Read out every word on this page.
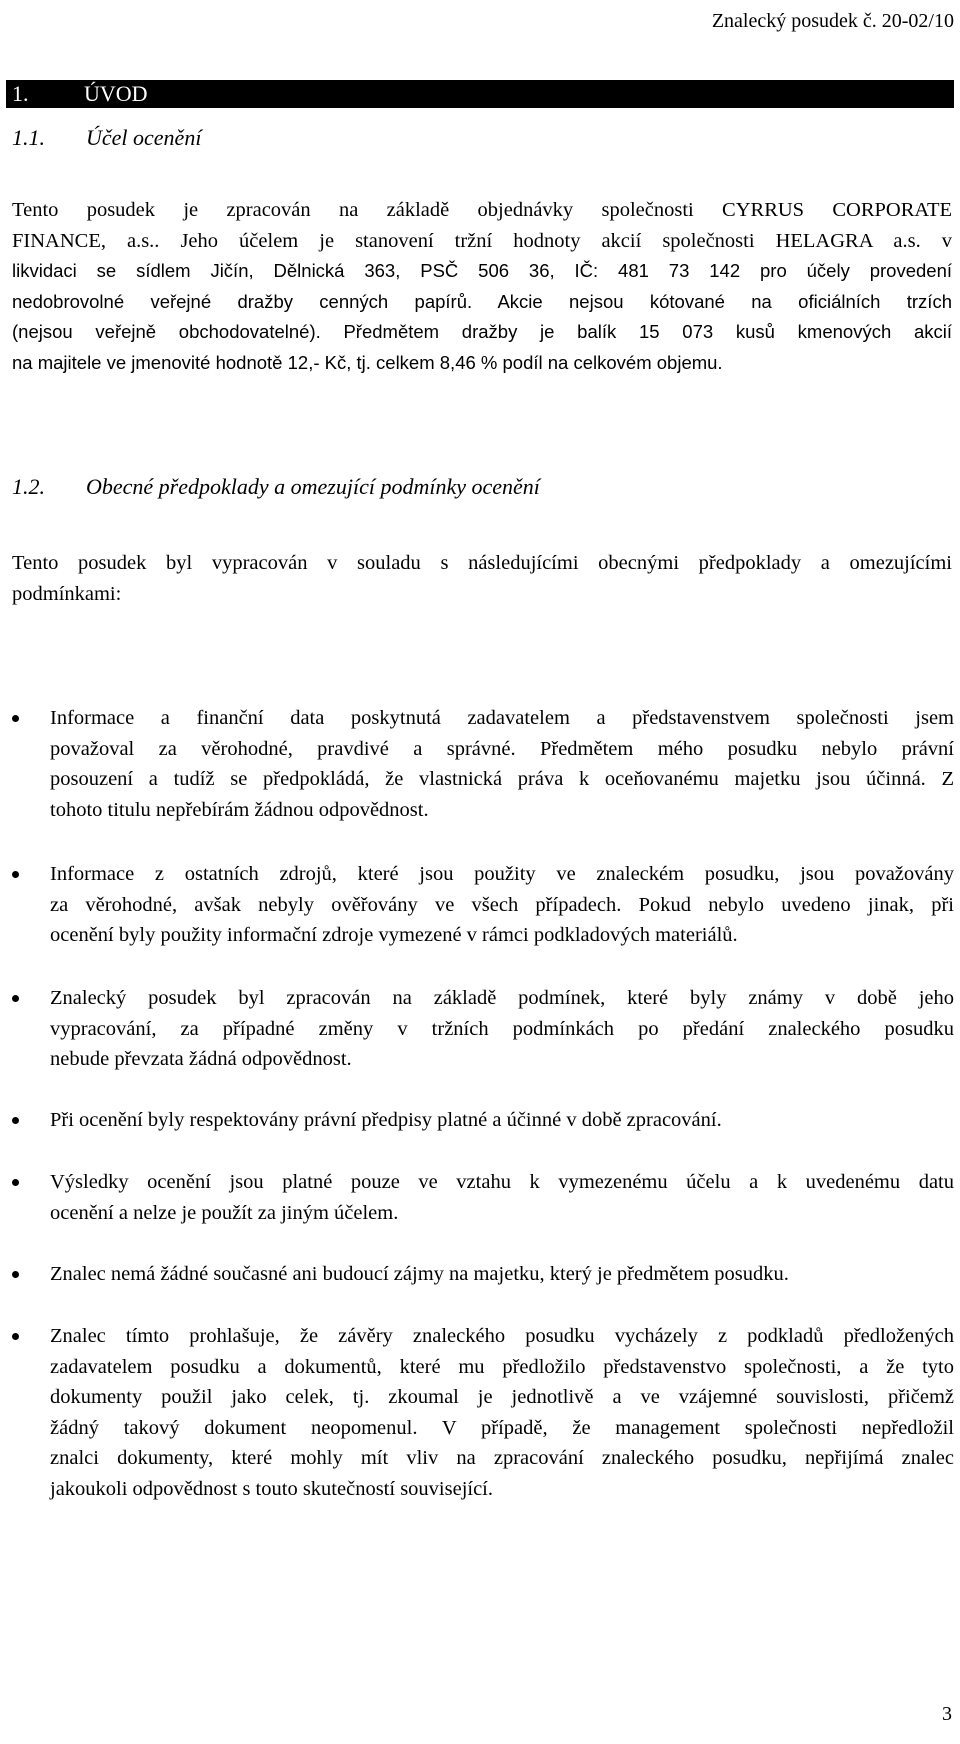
Znalecký posudek č. 20-02/10
1.	ÚVOD
1.1. Účel ocenění
Tento posudek je zpracován na základě objednávky společnosti CYRRUS CORPORATE
FINANCE, a.s.. Jeho účelem je stanovení tržní hodnoty akcií společnosti HELAGRA a.s. v
likvidaci se sídlem Jičín, Dělnická 363, PSČ 506 36, IČ: 481 73 142 pro účely provedení
nedobrovolné veřejné dražby cenných papírů. Akcie nejsou kótované na oficiálních trzích
(nejsou veřejně obchodovatelné). Předmětem dražby je balík 15 073 kusů kmenových akcií
na majitele ve jmenovité hodnotě 12,- Kč, tj. celkem 8,46 % podíl na celkovém objemu.
1.2. Obecné předpoklady a omezující podmínky ocenění
Tento posudek byl vypracován v souladu s následujícími obecnými předpoklady a omezujícími
podmínkami:
Informace a finanční data poskytnutá zadavatelem a představenstvem společnosti jsem
považoval za věrohodné, pravdivé a správné. Předmětem mého posudku nebylo právní
posouzení a tudíž se předpokládá, že vlastnická práva k oceňovanému majetku jsou účinná. Z
tohoto titulu nepřebírám žádnou odpovědnost.
Informace z ostatních zdrojů, které jsou použity ve znaleckém posudku, jsou považovány
za věrohodné, avšak nebyly ověřovány ve všech případech. Pokud nebylo uvedeno jinak, při
ocenění byly použity informační zdroje vymezené v rámci podkladových materiálů.
Znalecký posudek byl zpracován na základě podmínek, které byly známy v době jeho
vypracování, za případné změny v tržních podmínkách po předání znaleckého posudku
nebude převzata žádná odpovědnost.
Při ocenění byly respektovány právní předpisy platné a účinné v době zpracování.
Výsledky ocenění jsou platné pouze ve vztahu k vymezenému účelu a k uvedenému datu
ocenění a nelze je použít za jiným účelem.
Znalec nemá žádné současné ani budoucí zájmy na majetku, který je předmětem posudku.
Znalec tímto prohlašuje, že závěry znaleckého posudku vycházely z podkladů předložených
zadavatelem posudku a dokumentů, které mu předložilo představenstvo společnosti, a že tyto
dokumenty použil jako celek, tj. zkoumal je jednotlivě a ve vzájemné souvislosti, přičemž
žádný takový dokument neopomenul. V případě, že management společnosti nepředložil
znalci dokumenty, které mohly mít vliv na zpracování znaleckého posudku, nepřijímá znalec
jakoukoli odpovědnost s touto skutečností související.
3
